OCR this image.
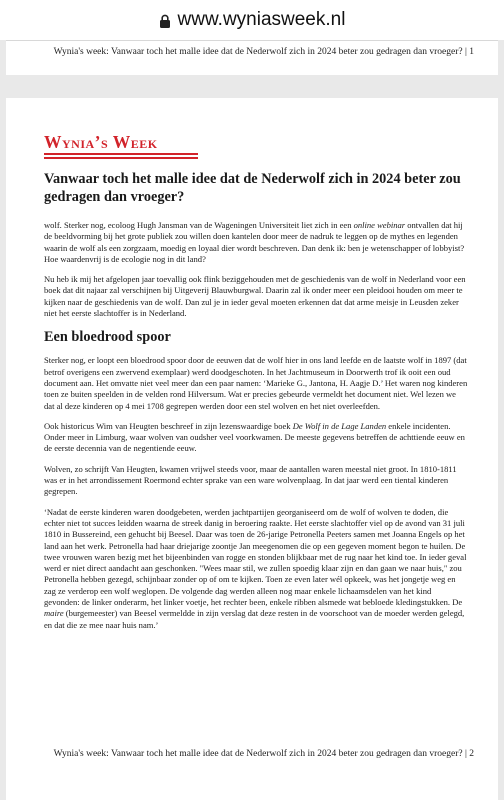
www.wyniasweek.nl
Wynia's week: Vanwaar toch het malle idee dat de Nederwolf zich in 2024 beter zou gedragen dan vroeger? | 1
Wynia’s Week
Vanwaar toch het malle idee dat de Nederwolf zich in 2024 beter zou gedragen dan vroeger?

wolf. Sterker nog, ecoloog Hugh Jansman van de Wageningen Universiteit liet zich in een online webinar ontvallen dat hij de beeldvorming bij het grote publiek zou willen doen kantelen door meer de nadruk te leggen op de mythes en legenden waarin de wolf als een zorgzaam, moedig en loyaal dier wordt beschreven. Dan denk ik: ben je wetenschapper of lobbyist? Hoe waardenvrij is de ecologie nog in dit land?

Nu heb ik mij het afgelopen jaar toevallig ook flink beziggehouden met de geschiedenis van de wolf in Nederland voor een boek dat dit najaar zal verschijnen bij Uitgeverij Blauwburgwal. Daarin zal ik onder meer een pleidooi houden om meer te kijken naar de geschiedenis van de wolf. Dan zul je in ieder geval moeten erkennen dat dat arme meisje in Leusden zeker niet het eerste slachtoffer is in Nederland.

Een bloedrood spoor

Sterker nog, er loopt een bloedrood spoor door de eeuwen dat de wolf hier in ons land leefde en de laatste wolf in 1897 (dat betrof overigens een zwervend exemplaar) werd doodgeschoten. In het Jachtmuseum in Doorwerth trof ik ooit een oud document aan. Het omvatte niet veel meer dan een paar namen: ‘Marieke G., Jantona, H. Aagje D.’ Het waren nog kinderen toen ze buiten speelden in de velden rond Hilversum. Wat er precies gebeurde vermeldt het document niet. Wel lezen we dat al deze kinderen op 4 mei 1708 gegrepen werden door een stel wolven en het niet overleefden.

Ook historicus Wim van Heugten beschreef in zijn lezenswaardige boek De Wolf in de Lage Landen enkele incidenten. Onder meer in Limburg, waar wolven van oudsher veel voorkwamen. De meeste gegevens betreffen de achttiende eeuw en de eerste decennia van de negentiende eeuw.

Wolven, zo schrijft Van Heugten, kwamen vrijwel steeds voor, maar de aantallen waren meestal niet groot. In 1810-1811 was er in het arrondissement Roermond echter sprake van een ware wolvenplaag. In dat jaar werd een tiental kinderen gegrepen.

‘Nadat de eerste kinderen waren doodgebeten, werden jachtpartijen georganiseerd om de wolf of wolven te doden, die echter niet tot succes leidden waarna de streek danig in beroering raakte. Het eerste slachtoffer viel op de avond van 31 juli 1810 in Bussereind, een gehucht bij Beesel. Daar was toen de 26-jarige Petronella Peeters samen met Joanna Engels op het land aan het werk. Petronella had haar driejarige zoontje Jan meegenomen die op een gegeven moment begon te huilen. De twee vrouwen waren bezig met het bijeenbinden van rogge en stonden blijkbaar met de rug naar het kind toe. In ieder geval werd er niet direct aandacht aan geschonken. "Wees maar stil, we zullen spoedig klaar zijn en dan gaan we naar huis," zou Petronella hebben gezegd, schijnbaar zonder op of om te kijken. Toen ze even later wél opkeek, was het jongetje weg en zag ze verderop een wolf weglopen. De volgende dag werden alleen nog maar enkele lichaamsdelen van het kind gevonden: de linker onderarm, het linker voetje, het rechter been, enkele ribben alsmede wat bebloede kledingstukken. De maire (burgemeester) van Beesel vermeldde in zijn verslag dat deze resten in de voorschoot van de moeder werden gelegd, en dat die ze mee naar huis nam.’

Wynia's week: Vanwaar toch het malle idee dat de Nederwolf zich in 2024 beter zou gedragen dan vroeger? | 2
